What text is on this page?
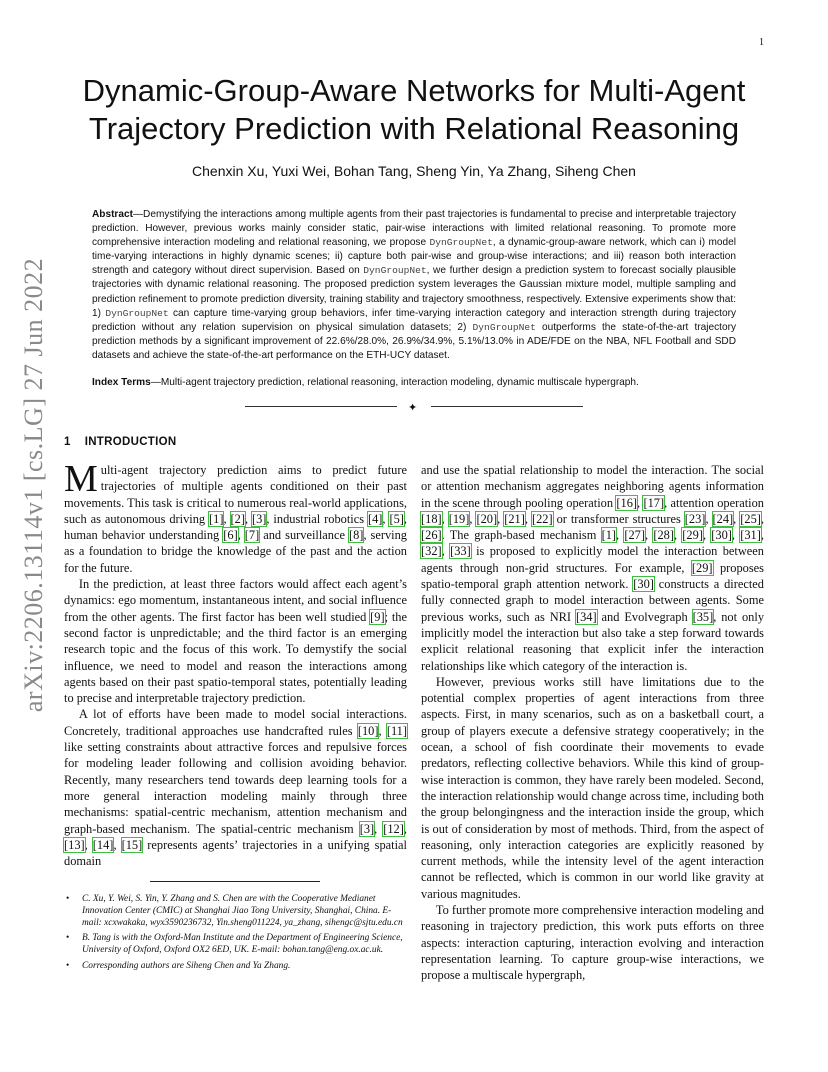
1
arXiv:2206.13114v1 [cs.LG] 27 Jun 2022
Dynamic-Group-Aware Networks for Multi-Agent Trajectory Prediction with Relational Reasoning
Chenxin Xu, Yuxi Wei, Bohan Tang, Sheng Yin, Ya Zhang, Siheng Chen

Abstract—Demystifying the interactions among multiple agents from their past trajectories is fundamental to precise and interpretable trajectory prediction. However, previous works mainly consider static, pair-wise interactions with limited relational reasoning. To promote more comprehensive interaction modeling and relational reasoning, we propose DynGroupNet, a dynamic-group-aware network, which can i) model time-varying interactions in highly dynamic scenes; ii) capture both pair-wise and group-wise interactions; and iii) reason both interaction strength and category without direct supervision. Based on DynGroupNet, we further design a prediction system to forecast socially plausible trajectories with dynamic relational reasoning. The proposed prediction system leverages the Gaussian mixture model, multiple sampling and prediction refinement to promote prediction diversity, training stability and trajectory smoothness, respectively. Extensive experiments show that: 1) DynGroupNet can capture time-varying group behaviors, infer time-varying interaction category and interaction strength during trajectory prediction without any relation supervision on physical simulation datasets; 2) DynGroupNet outperforms the state-of-the-art trajectory prediction methods by a significant improvement of 22.6%/28.0%, 26.9%/34.9%, 5.1%/13.0% in ADE/FDE on the NBA, NFL Football and SDD datasets and achieve the state-of-the-art performance on the ETH-UCY dataset.

Index Terms—Multi-agent trajectory prediction, relational reasoning, interaction modeling, dynamic multiscale hypergraph.

✦
1 INTRODUCTION

Multi-agent trajectory prediction aims to predict future trajectories of multiple agents conditioned on their past movements. This task is critical to numerous real-world applications, such as autonomous driving [1], [2], [3], industrial robotics [4], [5], human behavior understanding [6], [7] and surveillance [8], serving as a foundation to bridge the knowledge of the past and the action for the future.

In the prediction, at least three factors would affect each agent’s dynamics: ego momentum, instantaneous intent, and social influence from the other agents. The first factor has been well studied [9]; the second factor is unpredictable; and the third factor is an emerging research topic and the focus of this work. To demystify the social influence, we need to model and reason the interactions among agents based on their past spatio-temporal states, potentially leading to precise and interpretable trajectory prediction.

A lot of efforts have been made to model social interactions. Concretely, traditional approaches use handcrafted rules [10], [11] like setting constraints about attractive forces and repulsive forces for modeling leader following and collision avoiding behavior. Recently, many researchers tend towards deep learning tools for a more general interaction modeling mainly through three mechanisms: spatial-centric mechanism, attention mechanism and graph-based mechanism. The spatial-centric mechanism [3], [12], [13], [14], [15] represents agents’ trajectories in a unifying spatial domain

and use the spatial relationship to model the interaction. The social or attention mechanism aggregates neighboring agents information in the scene through pooling operation [16], [17], attention operation [18], [19], [20], [21], [22] or transformer structures [23], [24], [25], [26]. The graph-based mechanism [1], [27], [28], [29], [30], [31], [32], [33] is proposed to explicitly model the interaction between agents through non-grid structures. For example, [29] proposes spatio-temporal graph attention network. [30] constructs a directed fully connected graph to model interaction between agents. Some previous works, such as NRI [34] and Evolvegraph [35], not only implicitly model the interaction but also take a step forward towards explicit relational reasoning that explicit infer the interaction relationships like which category of the interaction is.

However, previous works still have limitations due to the potential complex properties of agent interactions from three aspects. First, in many scenarios, such as on a basketball court, a group of players execute a defensive strategy cooperatively; in the ocean, a school of fish coordinate their movements to evade predators, reflecting collective behaviors. While this kind of group-wise interaction is common, they have rarely been modeled. Second, the interaction relationship would change across time, including both the group belongingness and the interaction inside the group, which is out of consideration by most of methods. Third, from the aspect of reasoning, only interaction categories are explicitly reasoned by current methods, while the intensity level of the agent interaction cannot be reflected, which is common in our world like gravity at various magnitudes.

To further promote more comprehensive interaction modeling and reasoning in trajectory prediction, this work puts efforts on three aspects: interaction capturing, interaction evolving and interaction representation learning. To capture group-wise interactions, we propose a multiscale hypergraph,

• C. Xu, Y. Wei, S. Yin, Y. Zhang and S. Chen are with the Cooperative Medianet Innovation Center (CMIC) at Shanghai Jiao Tong University, Shanghai, China. E-mail: xcxwakaka, wyx3590236732, Yin.sheng011224, ya_zhang, sihengc@sjtu.edu.cn
• B. Tang is with the Oxford-Man Institute and the Department of Engineering Science, University of Oxford, Oxford OX2 6ED, UK. E-mail: bohan.tang@eng.ox.ac.uk.
• Corresponding authors are Siheng Chen and Ya Zhang.
